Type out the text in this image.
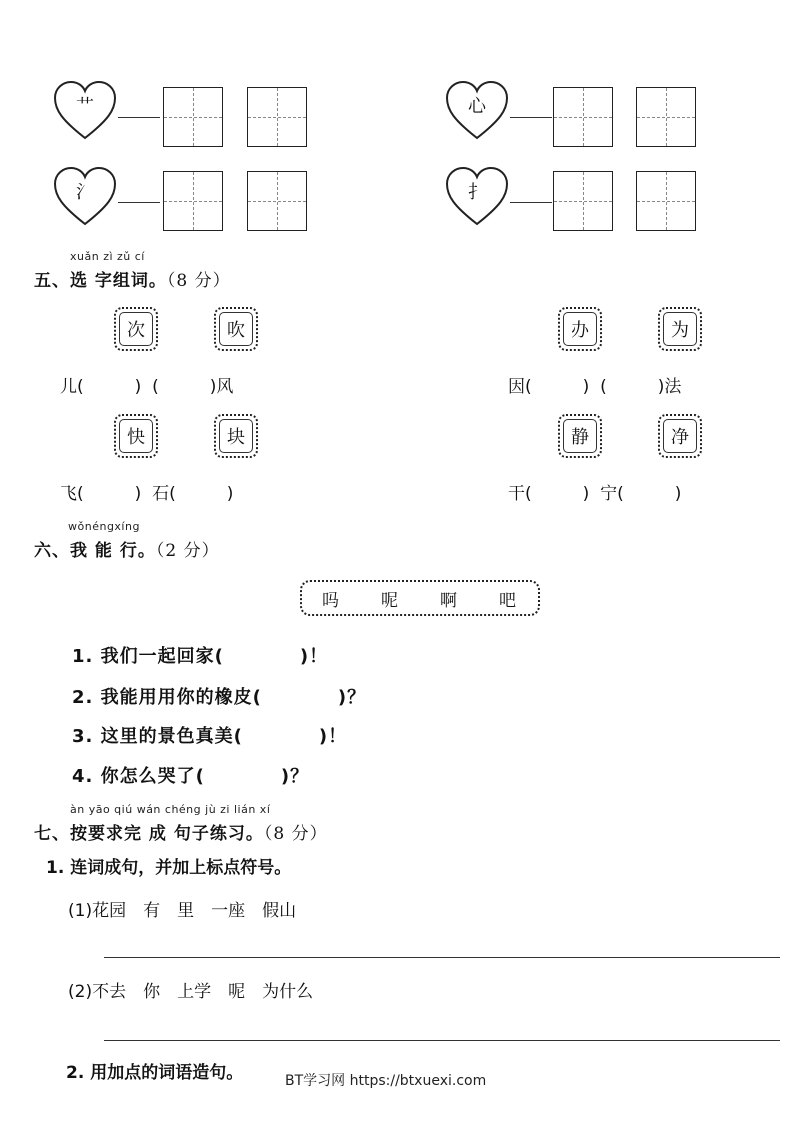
艹	心
氵	扌
xuǎn zì zǔ cí
五、选 字组词。（8 分）
次	吹	办	为
儿(　　　)  (　　　)风	因(　　　)  (　　　)法
快	块	静	净
飞(　　　)  石(　　　)	干(　　　)  宁(　　　)
wǒnéngxíng
六、我 能 行。（2 分）
吗 呢 啊 吧
1. 我们一起回家(　　　　)！
2. 我能用用你的橡皮(　　　　)？
3. 这里的景色真美(　　　　)！
4. 你怎么哭了(　　　　)？
àn yāo qiú wán chéng jù zi lián xí
七、按要求完 成 句子练习。（8 分）
1. 连词成句，并加上标点符号。
(1)花园　有　里　一座　假山
(2)不去　你　上学　呢　为什么
2. 用加点的词语造句。	BT学习网 https://btxuexi.com
